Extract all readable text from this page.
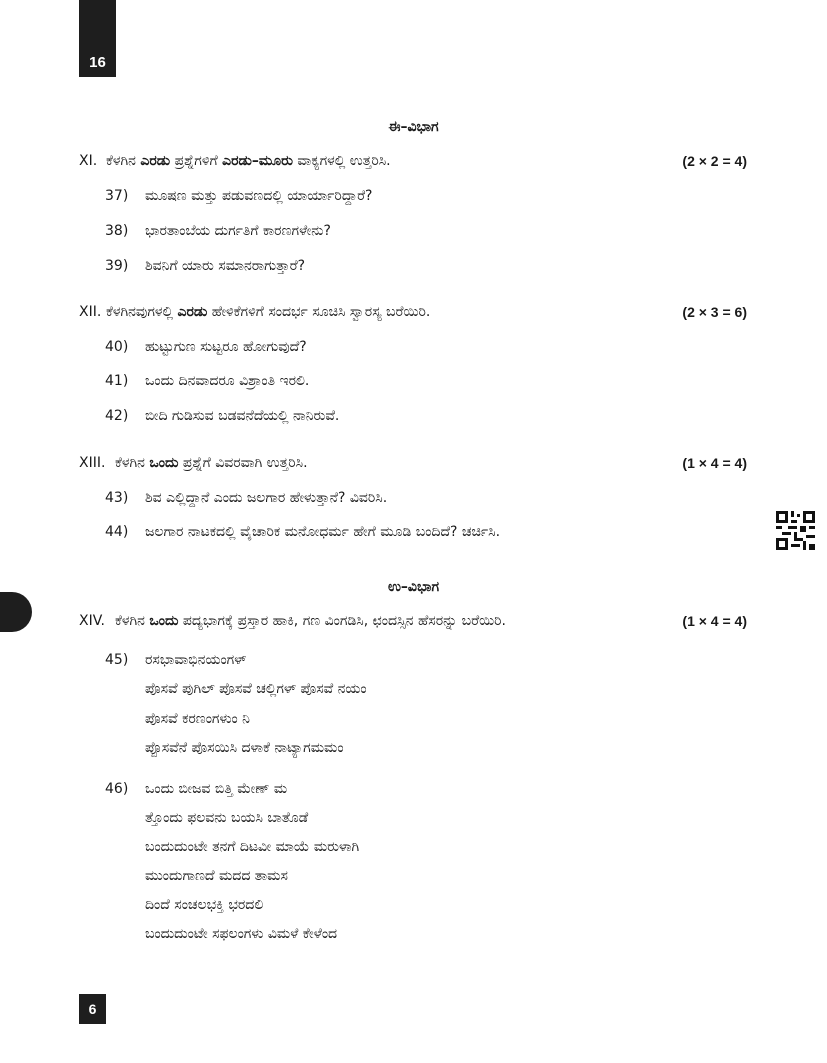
16
6
ಈ–ವಿಭಾಗ
XI. ಕೆಳಗಿನ ಎರಡು ಪ್ರಶ್ನೆಗಳಿಗೆ ಎರಡು–ಮೂರು ವಾಕ್ಯಗಳಲ್ಲಿ ಉತ್ತರಿಸಿ.	(2 × 2 = 4)
37) ಮೂಷಣ ಮತ್ತು ಪಡುವಣದಲ್ಲಿ ಯಾರ್ಯಾರಿದ್ದಾರೆ?
38) ಭಾರತಾಂಬೆಯ ದುರ್ಗತಿಗೆ ಕಾರಣಗಳೇನು?
39) ಶಿವನಿಗೆ ಯಾರು ಸಮಾನರಾಗುತ್ತಾರೆ?
XII. ಕೆಳಗಿನವುಗಳಲ್ಲಿ ಎರಡು ಹೇಳಿಕೆಗಳಿಗೆ ಸಂದರ್ಭ ಸೂಚಿಸಿ ಸ್ವಾರಸ್ಯ ಬರೆಯಿರಿ.	(2 × 3 = 6)
40) ಹುಟ್ಟುಗುಣ ಸುಟ್ಟರೂ ಹೋಗುವುದೆ?
41) ಒಂದು ದಿನವಾದರೂ ವಿಶ್ರಾಂತಿ ಇರಲಿ.
42) ಬೀದಿ ಗುಡಿಸುವ ಬಡವನೆದೆಯಲ್ಲಿ ನಾನಿರುವೆ.
XIII. ಕೆಳಗಿನ ಒಂದು ಪ್ರಶ್ನೆಗೆ ವಿವರವಾಗಿ ಉತ್ತರಿಸಿ.	(1 × 4 = 4)
43) ಶಿವ ಎಲ್ಲಿದ್ದಾನೆ ಎಂದು ಜಲಗಾರ ಹೇಳುತ್ತಾನೆ? ವಿವರಿಸಿ.
44) ಜಲಗಾರ ನಾಟಕದಲ್ಲಿ ವೈಚಾರಿಕ ಮನೋಧರ್ಮ ಹೇಗೆ ಮೂಡಿ ಬಂದಿದೆ? ಚರ್ಚಿಸಿ.
ಉ–ವಿಭಾಗ
XIV. ಕೆಳಗಿನ ಒಂದು ಪದ್ಯಭಾಗಕ್ಕೆ ಪ್ರಸ್ತಾರ ಹಾಕಿ, ಗಣ ವಿಂಗಡಿಸಿ, ಛಂದಸ್ಸಿನ ಹೆಸರನ್ನು ಬರೆಯಿರಿ.	(1 × 4 = 4)
45) ರಸಭಾವಾಭಿನಯಂಗಳ್
ಪೊಸವೆ ಪುಗಿಲ್ ಪೊಸವೆ ಚಲ್ಲಿಗಳ್ ಪೊಸವೆ ನಯಂ
ಪೊಸವೆ ಕರಣಂಗಳುಂ ನಿ
ಪ್ಪೊಸವೆನೆ ಪೊಸಯಿಸಿ ದಳಾಕೆ ನಾಟ್ಯಾಗಮಮಂ
46) ಒಂದು ಬೀಜವ ಬಿತ್ತಿ ಮೇಣ್ ಮ
ತ್ತೊಂದು ಫಲವನು ಬಯಸಿ ಬಾತೊಡೆ
ಬಂದುದುಂಟೇ ತನಗೆ ದಿಟವೀ ಮಾಯೆ ಮರುಳಾಗಿ
ಮುಂದುಗಾಣದೆ ಮದದ ತಾಮಸ
ದಿಂದೆ ಸಂಚಲಭಕ್ತಿ ಭರದಲಿ
ಬಂದುದುಂಟೇ ಸಫಲಂಗಳು ವಿಮಳೆ ಕೇಳೆಂದ
